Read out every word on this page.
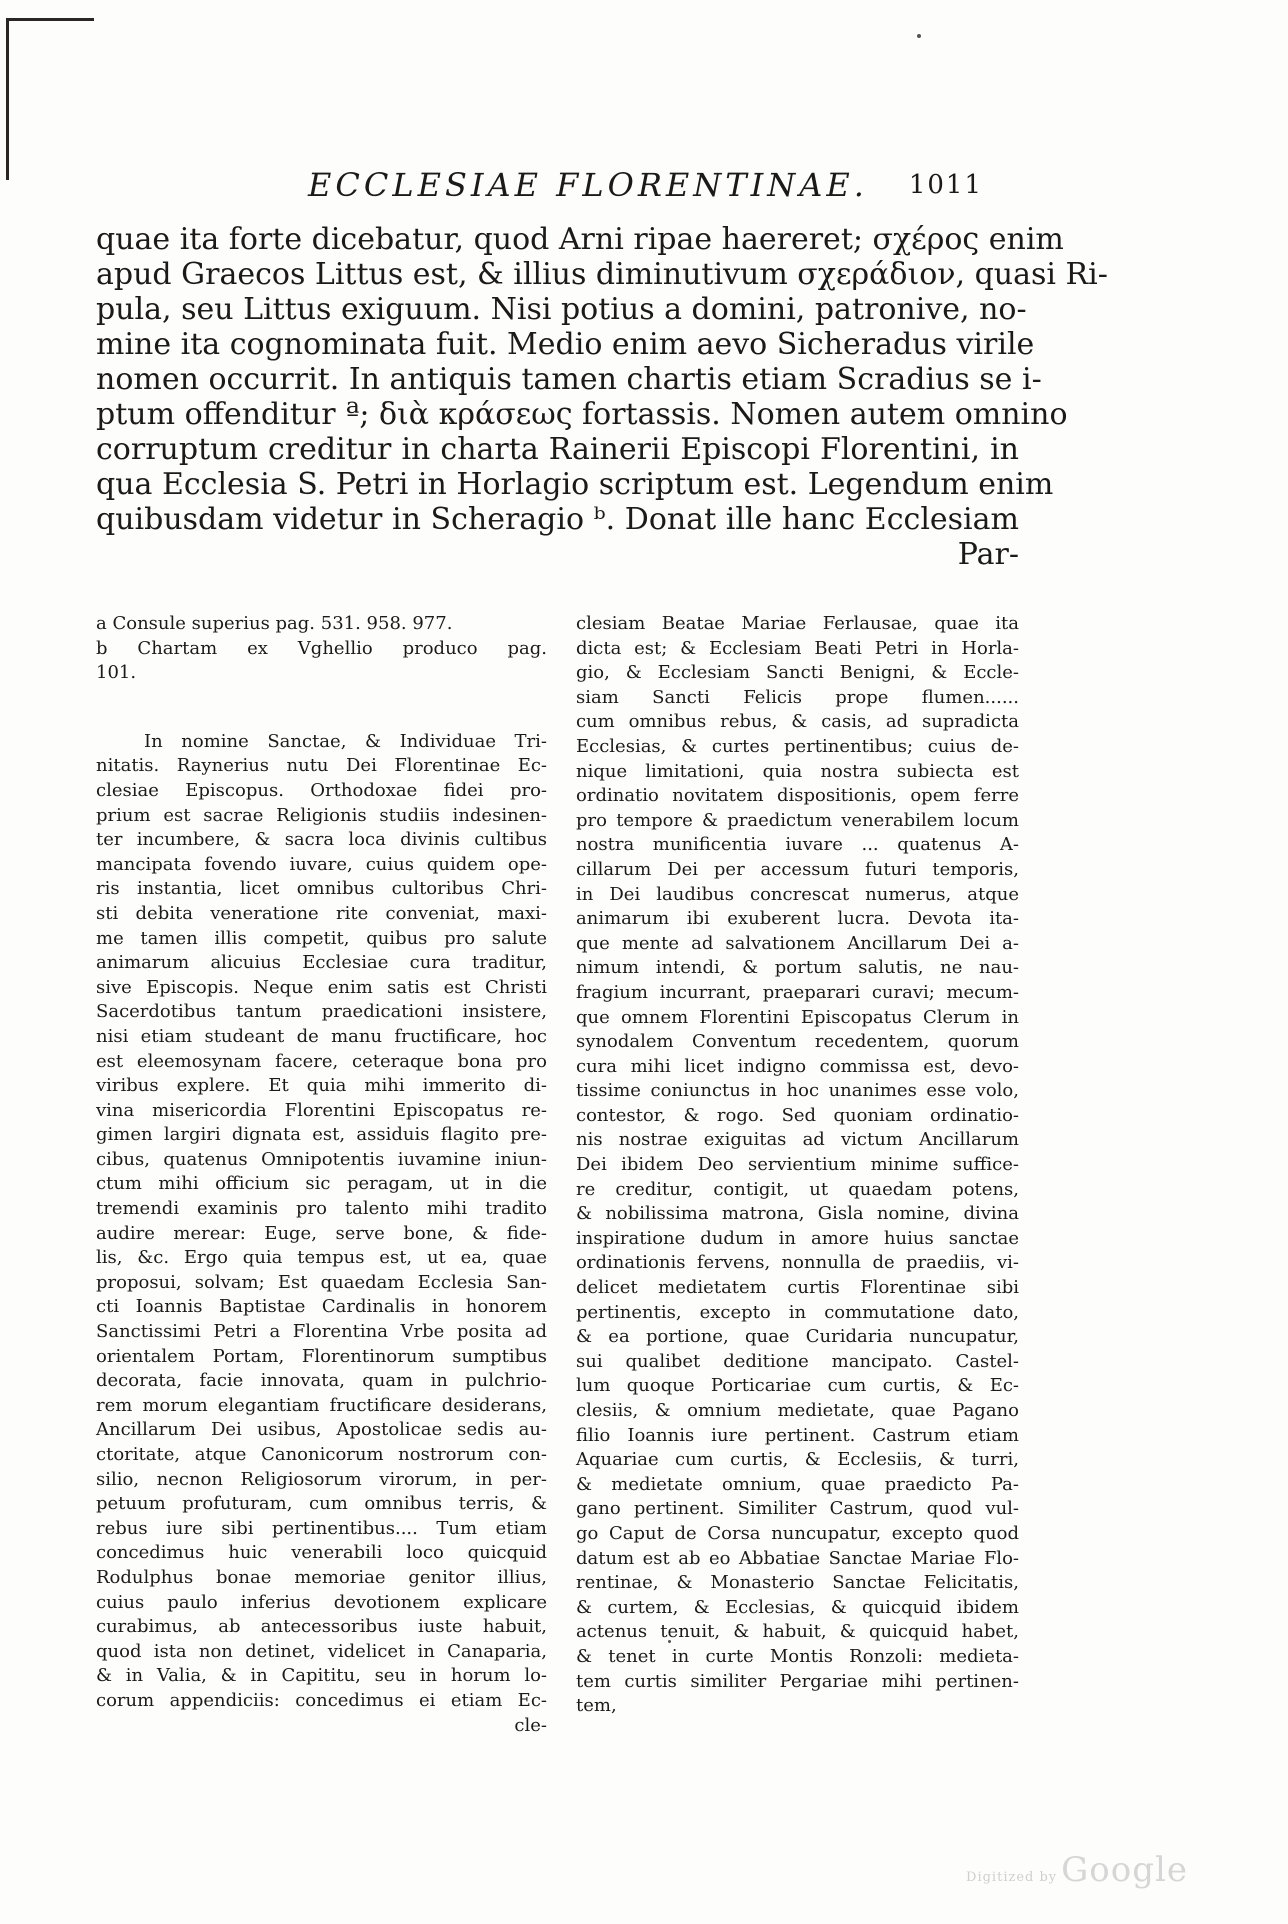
ECCLESIAE FLORENTINAE. 1011
quae ita forte dicebatur, quod Arni ripae haereret; σχέρος enim
apud Graecos Littus est, & illius diminutivum σχεράδιον, quasi Ri-
pula, seu Littus exiguum. Nisi potius a domini, patronive, no-
mine ita cognominata fuit. Medio enim aevo Sicheradus virile
nomen occurrit. In antiquis tamen chartis etiam Scradius se i-
ptum offenditur ª; διὰ κράσεως fortassis. Nomen autem omnino
corruptum creditur in charta Rainerii Episcopi Florentini, in
qua Ecclesia S. Petri in Horlagio scriptum est. Legendum enim
quibusdam videtur in Scheragio ᵇ. Donat ille hanc Ecclesiam
Par-
a Consule superius pag. 531. 958. 977.
b Chartam ex Vghellio produco pag.
101.
In nomine Sanctae, & Individuae Tri-
nitatis. Raynerius nutu Dei Florentinae Ec-
clesiae Episcopus. Orthodoxae fidei pro-
prium est sacrae Religionis studiis indesinen-
ter incumbere, & sacra loca divinis cultibus
mancipata fovendo iuvare, cuius quidem ope-
ris instantia, licet omnibus cultoribus Chri-
sti debita veneratione rite conveniat, maxi-
me tamen illis competit, quibus pro salute
animarum alicuius Ecclesiae cura traditur,
sive Episcopis. Neque enim satis est Christi
Sacerdotibus tantum praedicationi insistere,
nisi etiam studeant de manu fructificare, hoc
est eleemosynam facere, ceteraque bona pro
viribus explere. Et quia mihi immerito di-
vina misericordia Florentini Episcopatus re-
gimen largiri dignata est, assiduis flagito pre-
cibus, quatenus Omnipotentis iuvamine iniun-
ctum mihi officium sic peragam, ut in die
tremendi examinis pro talento mihi tradito
audire merear: Euge, serve bone, & fide-
lis, &c. Ergo quia tempus est, ut ea, quae
proposui, solvam; Est quaedam Ecclesia San-
cti Ioannis Baptistae Cardinalis in honorem
Sanctissimi Petri a Florentina Vrbe posita ad
orientalem Portam, Florentinorum sumptibus
decorata, facie innovata, quam in pulchrio-
rem morum elegantiam fructificare desiderans,
Ancillarum Dei usibus, Apostolicae sedis au-
ctoritate, atque Canonicorum nostrorum con-
silio, necnon Religiosorum virorum, in per-
petuum profuturam, cum omnibus terris, &
rebus iure sibi pertinentibus.... Tum etiam
concedimus huic venerabili loco quicquid
Rodulphus bonae memoriae genitor illius,
cuius paulo inferius devotionem explicare
curabimus, ab antecessoribus iuste habuit,
quod ista non detinet, videlicet in Canaparia,
& in Valia, & in Capititu, seu in horum lo-
corum appendiciis: concedimus ei etiam Ec-
cle-
clesiam Beatae Mariae Ferlausae, quae ita
dicta est; & Ecclesiam Beati Petri in Horla-
gio, & Ecclesiam Sancti Benigni, & Eccle-
siam Sancti Felicis prope flumen......
cum omnibus rebus, & casis, ad supradicta
Ecclesias, & curtes pertinentibus; cuius de-
nique limitationi, quia nostra subiecta est
ordinatio novitatem dispositionis, opem ferre
pro tempore & praedictum venerabilem locum
nostra munificentia iuvare ... quatenus A-
cillarum Dei per accessum futuri temporis,
in Dei laudibus concrescat numerus, atque
animarum ibi exuberent lucra. Devota ita-
que mente ad salvationem Ancillarum Dei a-
nimum intendi, & portum salutis, ne nau-
fragium incurrant, praeparari curavi; mecum-
que omnem Florentini Episcopatus Clerum in
synodalem Conventum recedentem, quorum
cura mihi licet indigno commissa est, devo-
tissime coniunctus in hoc unanimes esse volo,
contestor, & rogo. Sed quoniam ordinatio-
nis nostrae exiguitas ad victum Ancillarum
Dei ibidem Deo servientium minime suffice-
re creditur, contigit, ut quaedam potens,
& nobilissima matrona, Gisla nomine, divina
inspiratione dudum in amore huius sanctae
ordinationis fervens, nonnulla de praediis, vi-
delicet medietatem curtis Florentinae sibi
pertinentis, excepto in commutatione dato,
& ea portione, quae Curidaria nuncupatur,
sui qualibet deditione mancipato. Castel-
lum quoque Porticariae cum curtis, & Ec-
clesiis, & omnium medietate, quae Pagano
filio Ioannis iure pertinent. Castrum etiam
Aquariae cum curtis, & Ecclesiis, & turri,
& medietate omnium, quae praedicto Pa-
gano pertinent. Similiter Castrum, quod vul-
go Caput de Corsa nuncupatur, excepto quod
datum est ab eo Abbatiae Sanctae Mariae Flo-
rentinae, & Monasterio Sanctae Felicitatis,
& curtem, & Ecclesias, & quicquid ibidem
actenus tenuit, & habuit, & quicquid habet,
& tenet in curte Montis Ronzoli: medieta-
tem curtis similiter Pergariae mihi pertinen-
tem,
Digitized by Google
